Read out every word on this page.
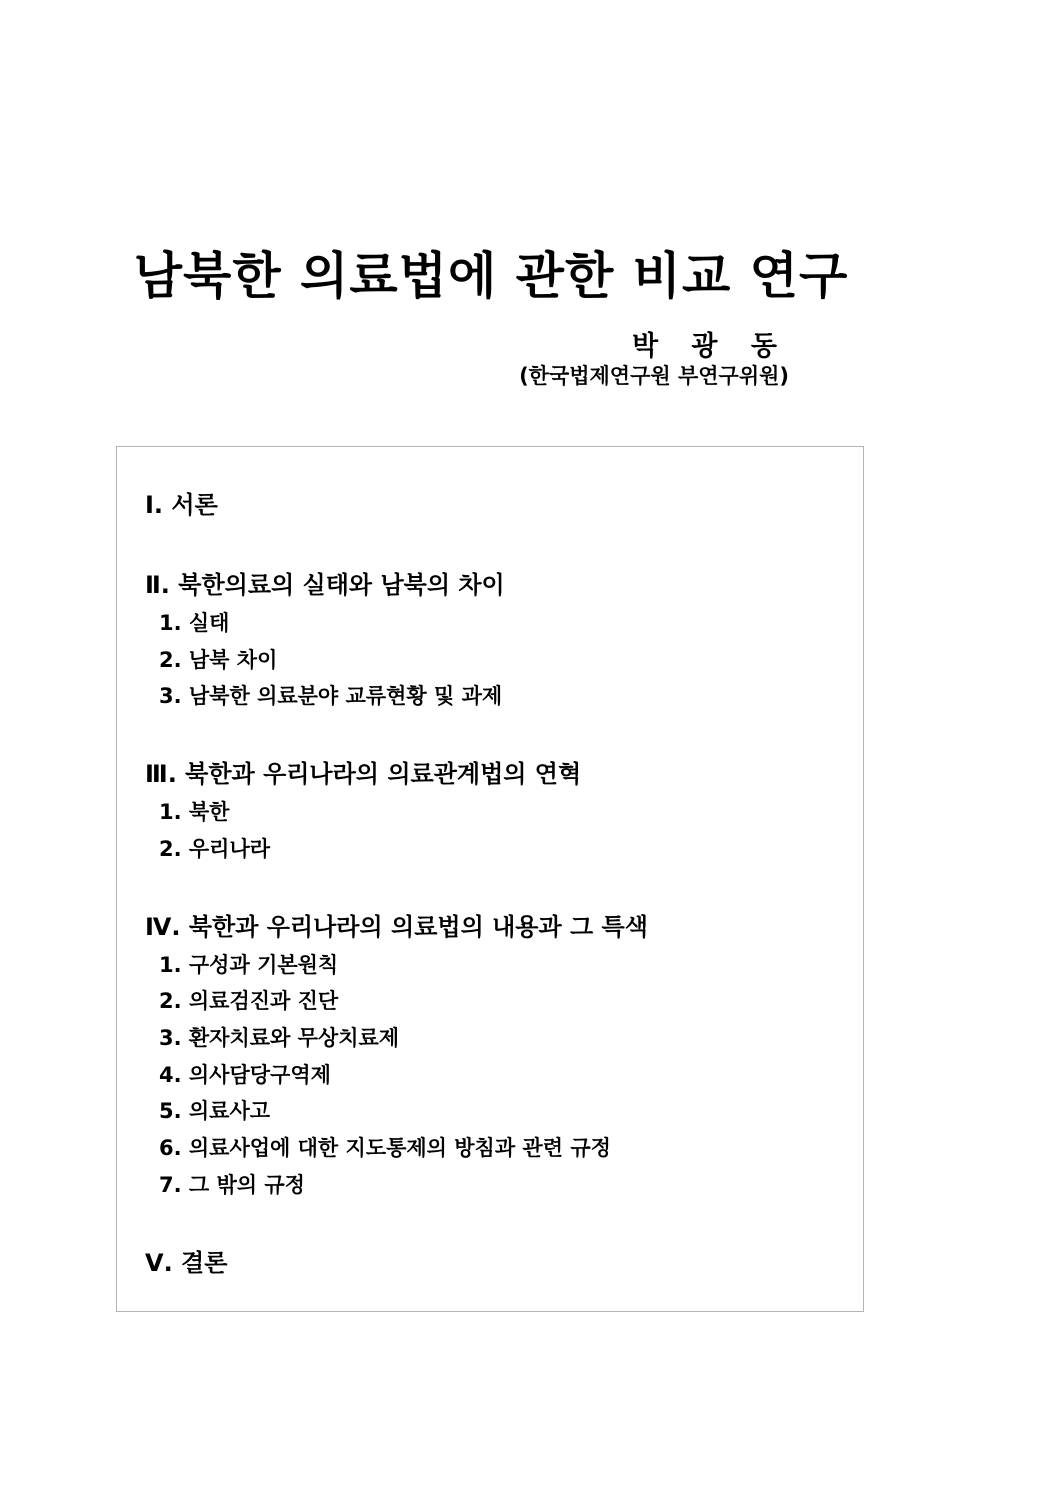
남북한 의료법에 관한 비교 연구
박 광 동
(한국법제연구원 부연구위원)
Ⅰ. 서론
Ⅱ. 북한의료의 실태와 남북의 차이
1. 실태
2. 남북 차이
3. 남북한 의료분야 교류현황 및 과제
Ⅲ. 북한과 우리나라의 의료관계법의 연혁
1. 북한
2. 우리나라
Ⅳ. 북한과 우리나라의 의료법의 내용과 그 특색
1. 구성과 기본원칙
2. 의료검진과 진단
3. 환자치료와 무상치료제
4. 의사담당구역제
5. 의료사고
6. 의료사업에 대한 지도통제의 방침과 관련 규정
7. 그 밖의 규정
Ⅴ. 결론
